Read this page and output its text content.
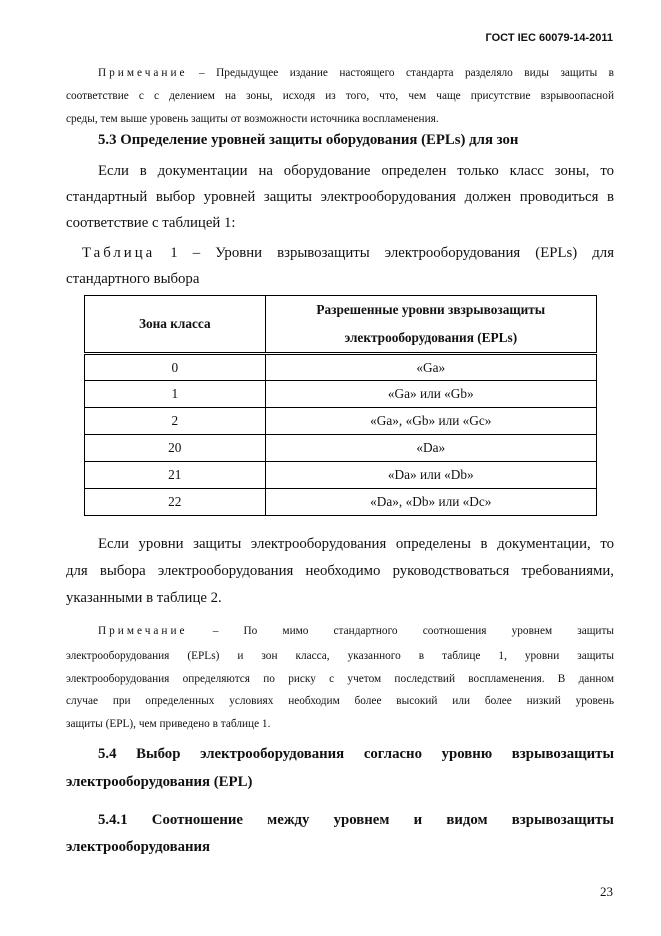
ГОСТ IEC 60079-14-2011
Примечание – Предыдущее издание настоящего стандарта разделяло виды защиты в
соответствие с с делением на зоны, исходя из того, что, чем чаще присутствие взрывоопасной
среды, тем выше уровень защиты от возможности источника воспламенения.
5.3 Определение уровней защиты оборудования (EPLs) для зон
Если в документации на оборудование определен только класс зоны, то
стандартный выбор уровней защиты электрооборудования должен проводиться в
соответствие с таблицей 1:
Таблица 1 – Уровни взрывозащиты электрооборудования (EPLs) для
стандартного выбора
Зона класса	Разрешенные уровни звзрывозащиты
электрооборудования (EPLs)

0	«Ga»
1	«Ga» или «Gb»
2	«Ga», «Gb» или «Gc»
20	«Da»
21	«Da» или «Db»
22	«Da», «Db» или «Dc»
Если уровни защиты электрооборудования определены в документации, то
для выбора электрооборудования необходимо руководствоваться требованиями,
указанными в таблице 2.
Примечание – По мимо стандартного соотношения уровнем защиты
электрооборудования (EPLs) и зон класса, указанного в таблице 1, уровни защиты
электрооборудования определяются по риску с учетом последствий воспламенения. В данном
случае при определенных условиях необходим более высокий или более низкий уровень
защиты (EPL), чем приведено в таблице 1.
5.4 Выбор электрооборудования согласно уровню взрывозащиты
электрооборудования (EPL)
5.4.1 Соотношение между уровнем и видом взрывозащиты
электрооборудования
23
